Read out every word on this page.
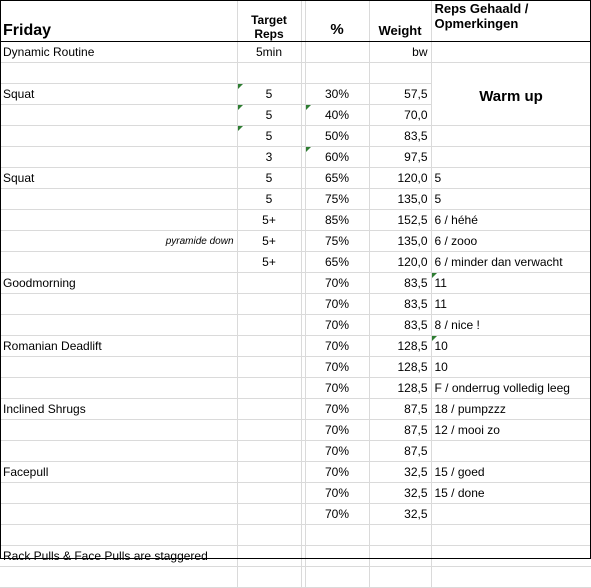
Friday	Target
Reps		%	Weight	Reps Gehaald /
Opmerkingen
Dynamic Routine	5min			bw	

Squat	5		30%	57,5	
	5		40%	70,0	
	5		50%	83,5	
	3		60%	97,5	
Squat	5		65%	120,0	5
	5		75%	135,0	5
	5+		85%	152,5	6 / héhé
pyramide down	5+		75%	135,0	6 / zooo
	5+		65%	120,0	6 / minder dan verwacht
Goodmorning			70%	83,5	11

			70%	83,5	11
			70%	83,5	8 / nice !
Romanian Deadlift			70%	128,5	10

			70%	128,5	10
			70%	128,5	F / onderrug volledig leeg
Inclined Shrugs			70%	87,5	18 / pumpzzz
			70%	87,5	12 / mooi zo
			70%	87,5	
Facepull			70%	32,5	15 / goed
			70%	32,5	15 / done
			70%	32,5	

Rack Pulls & Face Pulls are staggered					

Warm up
